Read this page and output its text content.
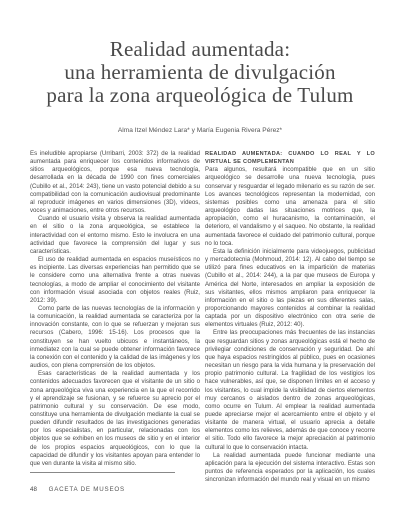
Realidad aumentada:
una herramienta de divulgación
para la zona arqueológica de Tulum
Alma Itzel Méndez Lara* y María Eugenia Rivera Pérez*

Es ineludible apropiarse (Urribarri, 2003: 372) de la realidad aumentada para enriquecer los contenidos informativos de sitios arqueológicos, porque esa nueva tecnología, desarrollada en la década de 1990 con fines comerciales (Cubillo et al., 2014: 243), tiene un vasto potencial debido a su compatibilidad con la comunicación audiovisual predominante al reproducir imágenes en varios dimensiones (3D), vídeos, voces y animaciones, entre otros recursos.

Cuando el usuario visita y observa la realidad aumentada en el sitio o la zona arqueológica, se establece la interactividad con el entorno mismo. Esto le involucra en una actividad que favorece la comprensión del lugar y sus características.

El uso de realidad aumentada en espacios museísticos no es incipiente. Las diversas experiencias han permitido que se le considere como una alternativa frente a otras nuevas tecnologías, a modo de ampliar el conocimiento del visitante con información visual asociada con objetos reales (Ruiz, 2012: 39).

Como parte de las nuevas tecnologías de la información y la comunicación, la realidad aumentada se caracteriza por la innovación constante, con lo que se refuerzan y mejoran sus recursos (Cabero, 1996: 15-16). Los procesos que la constituyen se han vuelto ubicuos e instantáneos, la inmediatez con la cual se puede obtener información favorece la conexión con el contenido y la calidad de las imágenes y los audios, con plena comprensión de los objetos.

Esas características de la realidad aumentada y los contenidos adecuados favorecen que el visitante de un sitio o zona arqueológica viva una experiencia en la que el recorrido y el aprendizaje se fusionan, y se refuerce su aprecio por el patrimonio cultural y su conservación. De ese modo, constituye una herramienta de divulgación mediante la cual se pueden difundir resultados de las investigaciones generadas por los especialistas, en particular, relacionadas con los objetos que se exhiben en los museos de sitio y en el interior de los propios espacios arqueológicos, con lo que la capacidad de difundir y los visitantes apoyan para entender lo que ven durante la visita al mismo sitio.

REALIDAD AUMENTADA: CUANDO LO REAL Y LO VIRTUAL SE COMPLEMENTAN

Para algunos, resultará incompatible que en un sitio arqueológico se desarrolle una nueva tecnología, pues conservar y resguardar el legado milenario es su razón de ser. Los avances tecnológicos representan la modernidad, con sistemas posibles como una amenaza para el sitio arqueológico dadas las situaciones motrices que, la apropiación, como el huracanismo, la contaminación, el deterioro, el vandalismo y el saqueo. No obstante, la realidad aumentada favorece el cuidado del patrimonio cultural, porque no lo toca.

Esta la definición inicialmente para videojuegos, publicidad y mercadotecnia (Mohmoud, 2014: 12). Al cabo del tiempo se utilizó para fines educativos en la impartición de materias (Cubillo et al., 2014: 244), a la par que museos de Europa y América del Norte, interesados en ampliar la exposición de sus visitantes, ellos mismos ampliaron para enriquecer la información en el sitio o las piezas en sus diferentes salas, proporcionando mayores contenidos al combinar la realidad captada por un dispositivo electrónico con otra serie de elementos virtuales (Ruiz, 2012: 40).

Entre las preocupaciones más frecuentes de las instancias que resguardan sitios y zonas arqueológicas está el hecho de privilegiar condiciones de conservación y seguridad. De ahí que haya espacios restringidos al público, pues en ocasiones necesitan un riesgo para la vida humana y la preservación del propio patrimonio cultural. La fragilidad de los vestigios los hace vulnerables, así que, se disponen límites en el acceso y los visitantes, lo cual impide la visibilidad de ciertos elementos muy cercanos o aislados dentro de zonas arqueológicas, como ocurre en Tulum. Al emplear la realidad aumentada puede apreciarse mejor el acercamiento entre el objeto y el visitante de manera virtual, el usuario aprecia a detalle elementos como los relieves, además de que conoce y recorre el sitio. Todo ello favorece la mejor apreciación al patrimonio cultural lo que lo conservación intacta.

La realidad aumentada puede funcionar mediante una aplicación para la ejecución del sistema interactivo. Estas son puntos de referencia esperados por la aplicación, los cuales sincronizan información del mundo real y visual en un mismo

48 GACETA DE MUSEOS
